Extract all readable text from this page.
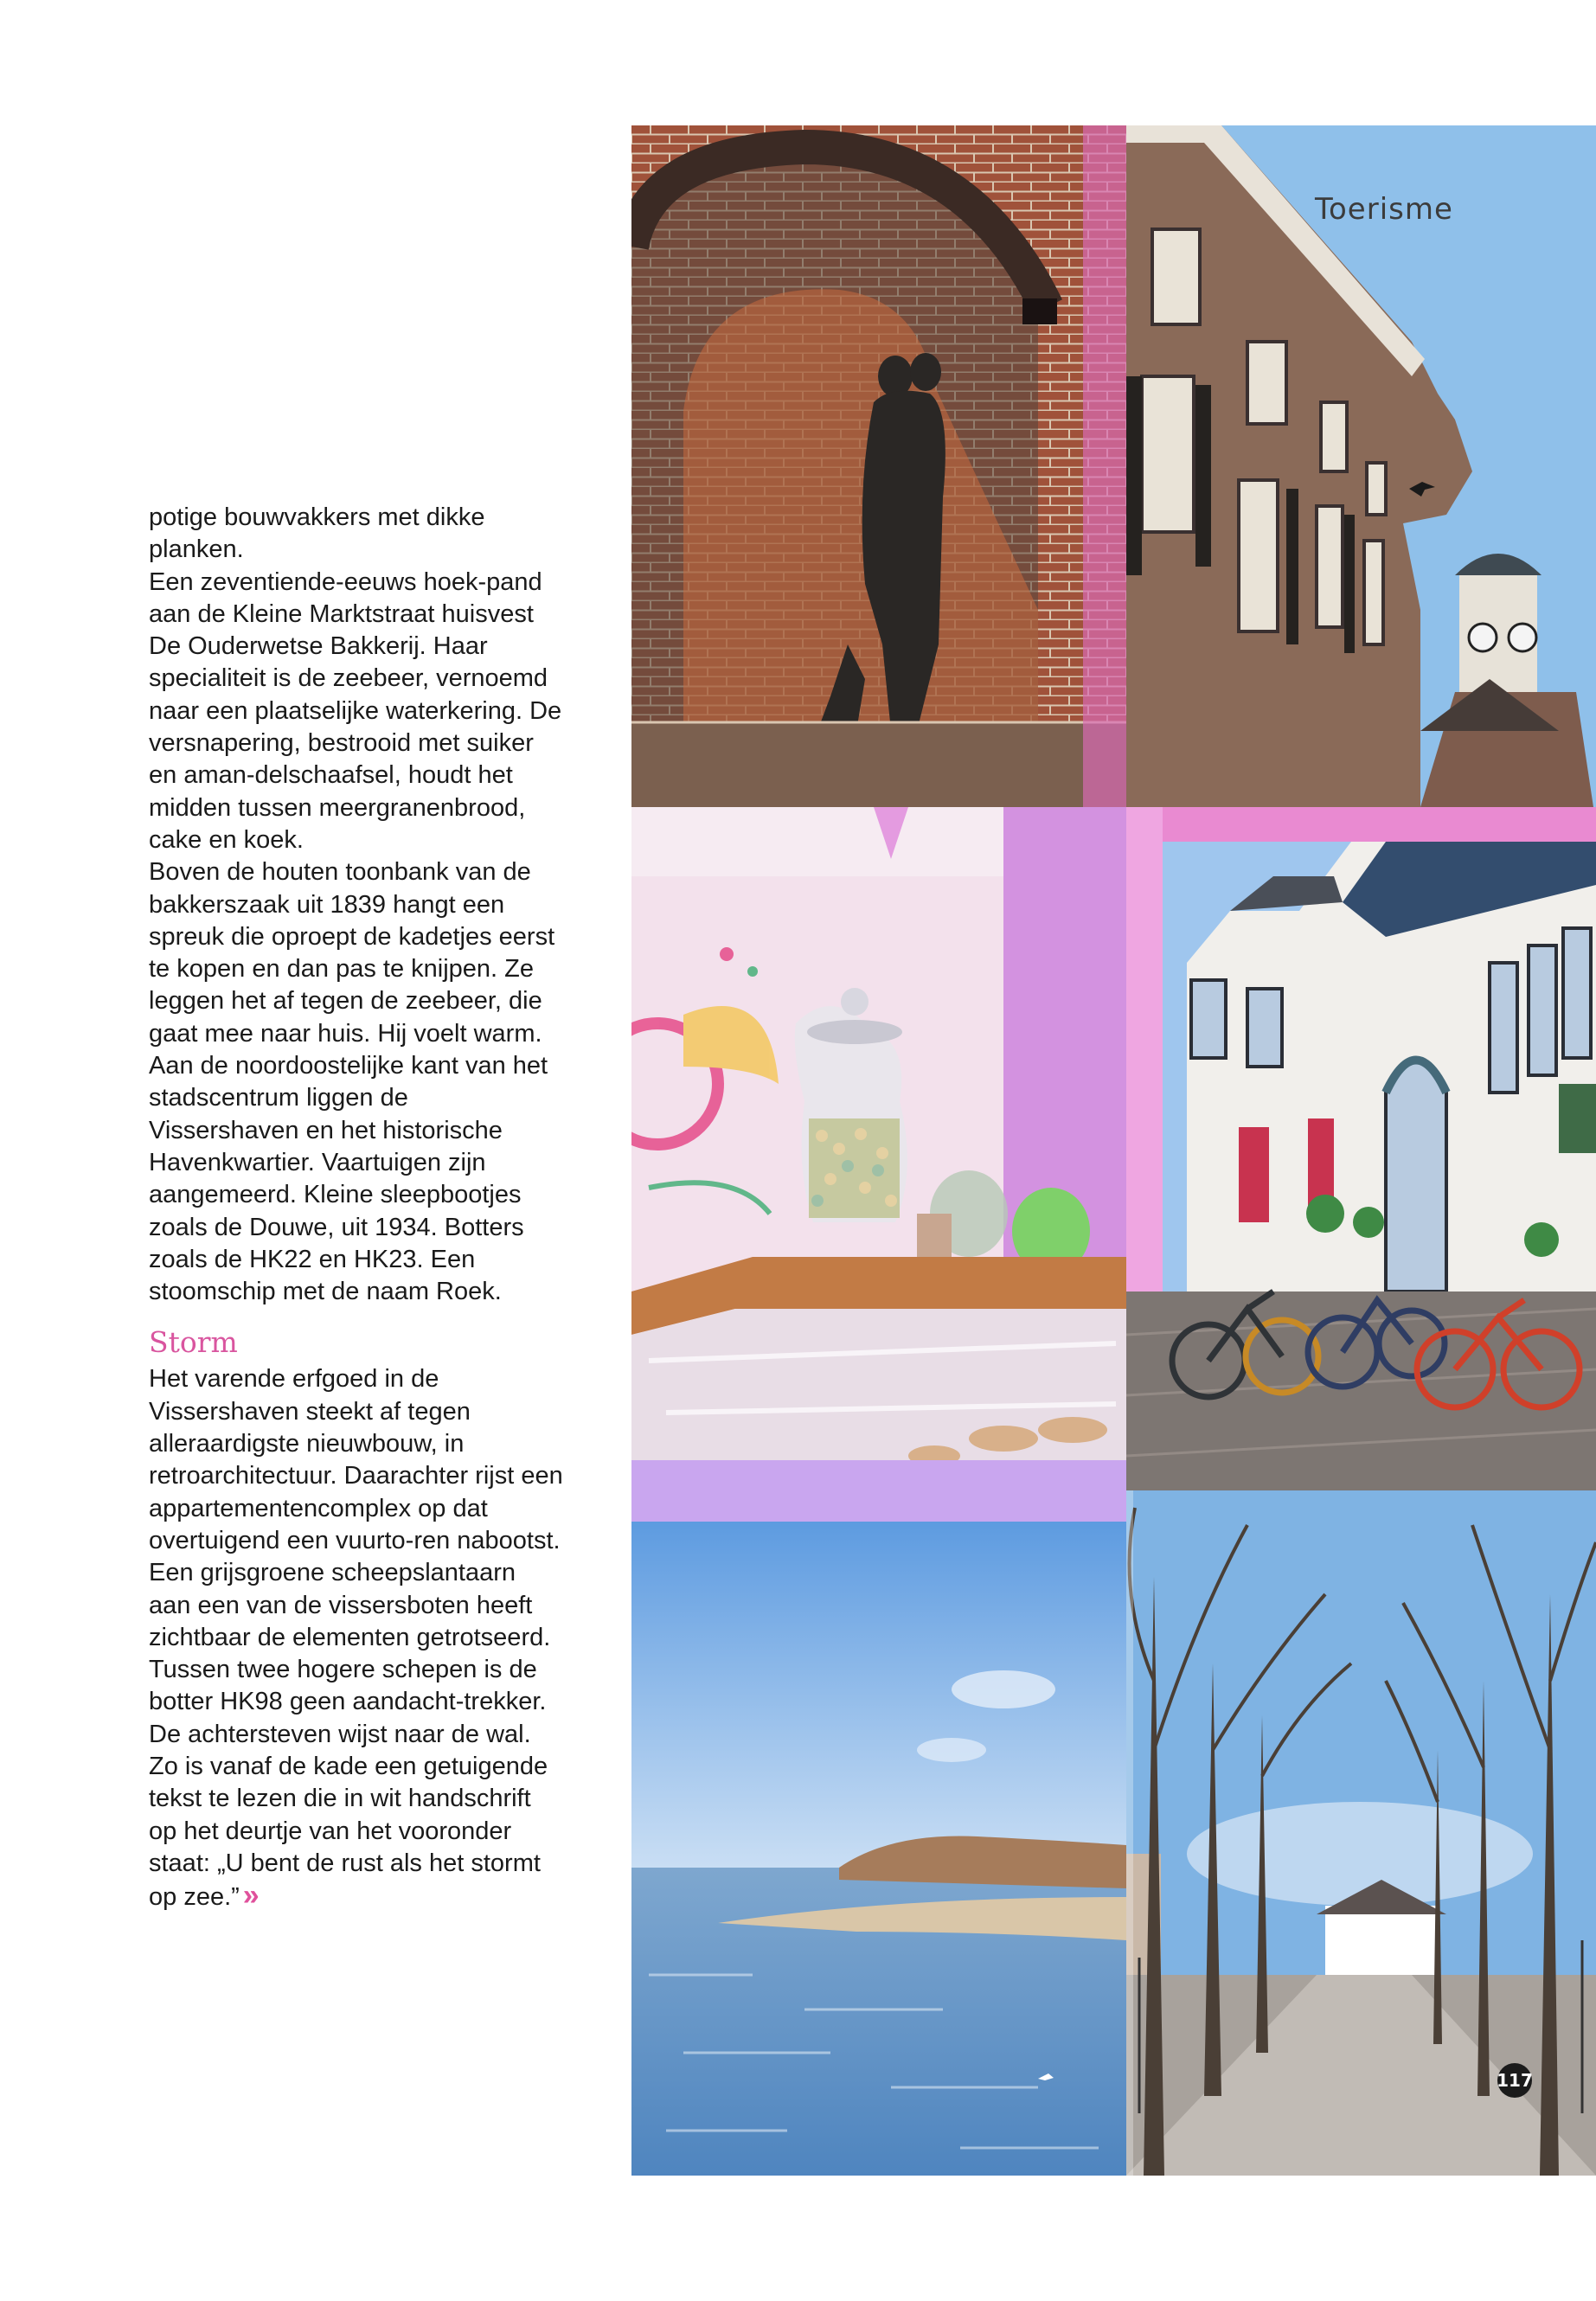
potige bouwvakkers met dikke planken.

Een zeventiende-eeuws hoek-pand aan de Kleine Marktstraat huisvest De Ouderwetse Bakkerij. Haar specialiteit is de zeebeer, vernoemd naar een plaatselijke waterkering. De versnapering, bestrooid met suiker en aman-delschaafsel, houdt het midden tussen meergranenbrood, cake en koek.

Boven de houten toonbank van de bakkerszaak uit 1839 hangt een spreuk die oproept de kadetjes eerst te kopen en dan pas te knijpen. Ze leggen het af tegen de zeebeer, die gaat mee naar huis. Hij voelt warm.

Aan de noordoostelijke kant van het stadscentrum liggen de Vissershaven en het historische Havenkwartier. Vaartuigen zijn aangemeerd. Kleine sleepbootjes zoals de Douwe, uit 1934. Botters zoals de HK22 en HK23. Een stoomschip met de naam Roek.

Storm

Het varende erfgoed in de Vissershaven steekt af tegen alleraardigste nieuwbouw, in retroarchitectuur. Daarachter rijst een appartementencomplex op dat overtuigend een vuurto-ren nabootst. Een grijsgroene scheepslantaarn aan een van de vissersboten heeft zichtbaar de elementen getrotseerd.

Tussen twee hogere schepen is de botter HK98 geen aandacht-trekker. De achtersteven wijst naar de wal. Zo is vanaf de kade een getuigende tekst te lezen die in wit handschrift op het deurtje van het vooronder staat: „U bent de rust als het stormt op zee.” »

Toerisme
117
